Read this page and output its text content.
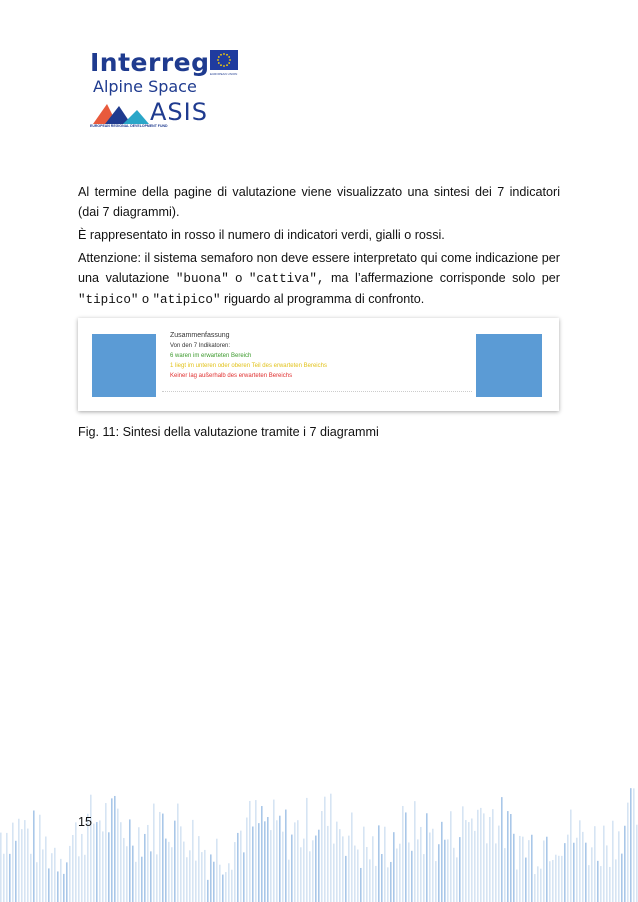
Interreg
Alpine Space
ASIS
EUROPEAN REGIONAL DEVELOPMENT FUND
EUROPEAN UNION
Al termine della pagine di valutazione viene visualizzato una sintesi dei 7 indicatori (dai 7 diagrammi).
È rappresentato in rosso il numero di indicatori verdi, gialli o rossi.
Attenzione: il sistema semaforo non deve essere interpretato qui come indicazione per una valutazione "buona" o "cattiva", ma l’affermazione corrisponde solo per "tipico" o "atipico" riguardo al programma di confronto.
Zusammenfassung
Von den 7 Indikatoren:
6 waren im erwarteten Bereich
1 liegt im unteren oder oberen Teil des erwarteten Bereichs
Keiner lag außerhalb des erwarteten Bereichs
Fig. 11: Sintesi della valutazione tramite i 7 diagrammi
15
